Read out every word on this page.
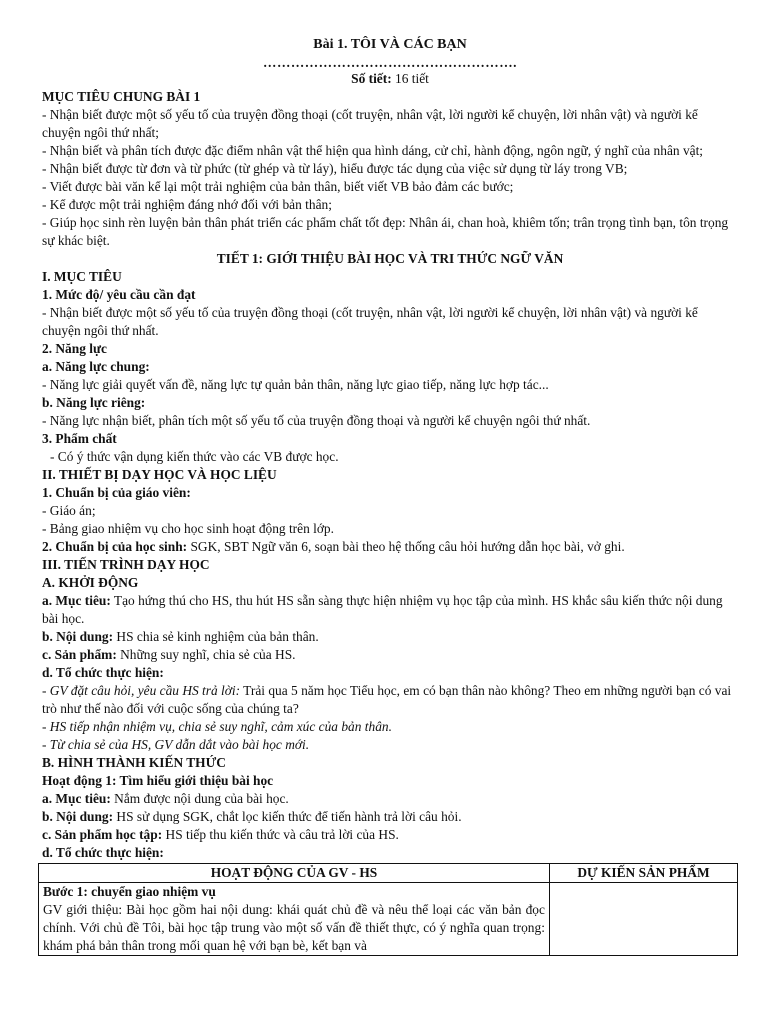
Bài 1. TÔI VÀ CÁC BẠN
……………………………………………….

Số tiết: 16 tiết

MỤC TIÊU CHUNG BÀI 1

- Nhận biết được một số yếu tố của truyện đồng thoại (cốt truyện, nhân vật, lời người kể chuyện, lời nhân vật) và người kể chuyện ngôi thứ nhất;

- Nhận biết và phân tích được đặc điểm nhân vật thể hiện qua hình dáng, cử chỉ, hành động, ngôn ngữ, ý nghĩ của nhân vật;

- Nhận biết được từ đơn và từ phức (từ ghép và từ láy), hiểu được tác dụng của việc sử dụng từ láy trong VB;

- Viết được bài văn kể lại một trải nghiệm của bản thân, biết viết VB bảo đảm các bước;

- Kể được một trải nghiệm đáng nhớ đối với bản thân;

- Giúp học sinh rèn luyện bản thân phát triển các phẩm chất tốt đẹp: Nhân ái, chan hoà, khiêm tốn; trân trọng tình bạn, tôn trọng sự khác biệt.

TIẾT 1: GIỚI THIỆU BÀI HỌC VÀ TRI THỨC NGỮ VĂN

I. MỤC TIÊU

1. Mức độ/ yêu cầu cần đạt

- Nhận biết được một số yếu tố của truyện đồng thoại (cốt truyện, nhân vật, lời người kể chuyện, lời nhân vật) và người kể chuyện ngôi thứ nhất.

2. Năng lực

a. Năng lực chung:

- Năng lực giải quyết vấn đề, năng lực tự quản bản thân, năng lực giao tiếp, năng lực hợp tác...

b. Năng lực riêng:

- Năng lực nhận biết, phân tích một số yếu tố của truyện đồng thoại và người kể chuyện ngôi thứ nhất.

3. Phẩm chất

- Có ý thức vận dụng kiến thức vào các VB được học.

II. THIẾT BỊ DẠY HỌC VÀ HỌC LIỆU

1. Chuẩn bị của giáo viên:

- Giáo án;

- Bảng giao nhiệm vụ cho học sinh hoạt động trên lớp.

2. Chuẩn bị của học sinh: SGK, SBT Ngữ văn 6, soạn bài theo hệ thống câu hỏi hướng dẫn học bài, vở ghi.

III. TIẾN TRÌNH DẠY HỌC

A. KHỞI ĐỘNG

a. Mục tiêu: Tạo hứng thú cho HS, thu hút HS sẵn sàng thực hiện nhiệm vụ học tập của mình. HS khắc sâu kiến thức nội dung bài học.

b. Nội dung: HS chia sẻ kinh nghiệm của bản thân.

c. Sản phẩm: Những suy nghĩ, chia sẻ của HS.

d. Tổ chức thực hiện:

- GV đặt câu hỏi, yêu cầu HS trả lời: Trải qua 5 năm học Tiểu học, em có bạn thân nào không? Theo em những người bạn có vai trò như thế nào đối với cuộc sống của chúng ta?

- HS tiếp nhận nhiệm vụ, chia sẻ suy nghĩ, cảm xúc của bản thân.

- Từ chia sẻ của HS, GV dẫn dắt vào bài học mới.

B. HÌNH THÀNH KIẾN THỨC

Hoạt động 1: Tìm hiểu giới thiệu bài học

a. Mục tiêu: Nắm được nội dung của bài học.

b. Nội dung: HS sử dụng SGK, chắt lọc kiến thức để tiến hành trả lời câu hỏi.

c. Sản phẩm học tập: HS tiếp thu kiến thức và câu trả lời của HS.

d. Tổ chức thực hiện:

HOẠT ĐỘNG CỦA GV - HS	DỰ KIẾN SẢN PHẨM

Bước 1: chuyển giao nhiệm vụ
GV giới thiệu: Bài học gồm hai nội dung: khái quát chủ đề và nêu thể loại các văn bản đọc chính. Với chủ đề Tôi, bài học tập trung vào một số vấn đề thiết thực, có ý nghĩa quan trọng: khám phá bản thân trong mối quan hệ với bạn bè, kết bạn và	
